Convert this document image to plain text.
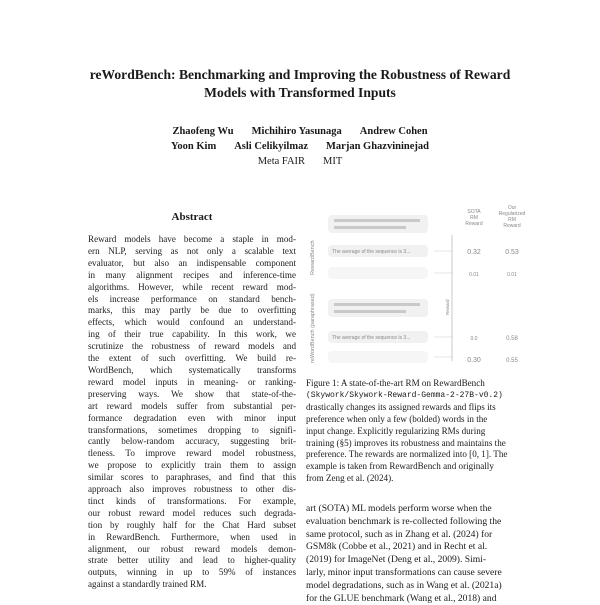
reWordBench: Benchmarking and Improving the Robustness of Reward
Models with Transformed Inputs
Zhaofeng Wu Michihiro Yasunaga Andrew Cohen
Yoon Kim Asli Celikyilmaz Marjan Ghazvininejad
Meta FAIR MIT
Abstract
Reward models have become a staple in mod-
ern NLP, serving as not only a scalable text
evaluator, but also an indispensable component
in many alignment recipes and inference-time
algorithms. However, while recent reward mod-
els increase performance on standard bench-
marks, this may partly be due to overfitting
effects, which would confound an understand-
ing of their true capability. In this work, we
scrutinize the robustness of reward models and
the extent of such overfitting. We build re-
WordBench, which systematically transforms
reward model inputs in meaning- or ranking-
preserving ways. We show that state-of-the-
art reward models suffer from substantial per-
formance degradation even with minor input
transformations, sometimes dropping to signifi-
cantly below-random accuracy, suggesting brit-
tleness. To improve reward model robustness,
we propose to explicitly train them to assign
similar scores to paraphrases, and find that this
approach also improves robustness to other dis-
tinct kinds of transformations. For example,
our robust reward model reduces such degrada-
tion by roughly half for the Chat Hard subset
in RewardBench. Furthermore, when used in
alignment, our robust reward models demon-
strate better utility and lead to higher-quality
outputs, winning in up to 59% of instances
against a standardly trained RM.
SOTA
RM
Reward
Our
Regularized
RM
Reward
RewardBench
reWordBench (paraphrased)
The average of the sequence is 3...
The average of the sequence is 3...
Reward
0.32	0.53
0.01	0.01
0.0	0.58
0.30	0.55
Figure 1: A state-of-the-art RM on RewardBench
(Skywork/Skywork-Reward-Gemma-2-27B-v0.2)
drastically changes its assigned rewards and flips its
preference when only a few (bolded) words in the
input change. Explicitly regularizing RMs during
training (§5) improves its robustness and maintains the
preference. The rewards are normalized into [0, 1]. The
example is taken from RewardBench and originally
from Zeng et al. (2024).
art (SOTA) ML models perform worse when the
evaluation benchmark is re-collected following the
same protocol, such as in Zhang et al. (2024) for
GSM8k (Cobbe et al., 2021) and in Recht et al.
(2019) for ImageNet (Deng et al., 2009). Simi-
larly, minor input transformations can cause severe
model degradations, such as in Wang et al. (2021a)
for the GLUE benchmark (Wang et al., 2018) and
